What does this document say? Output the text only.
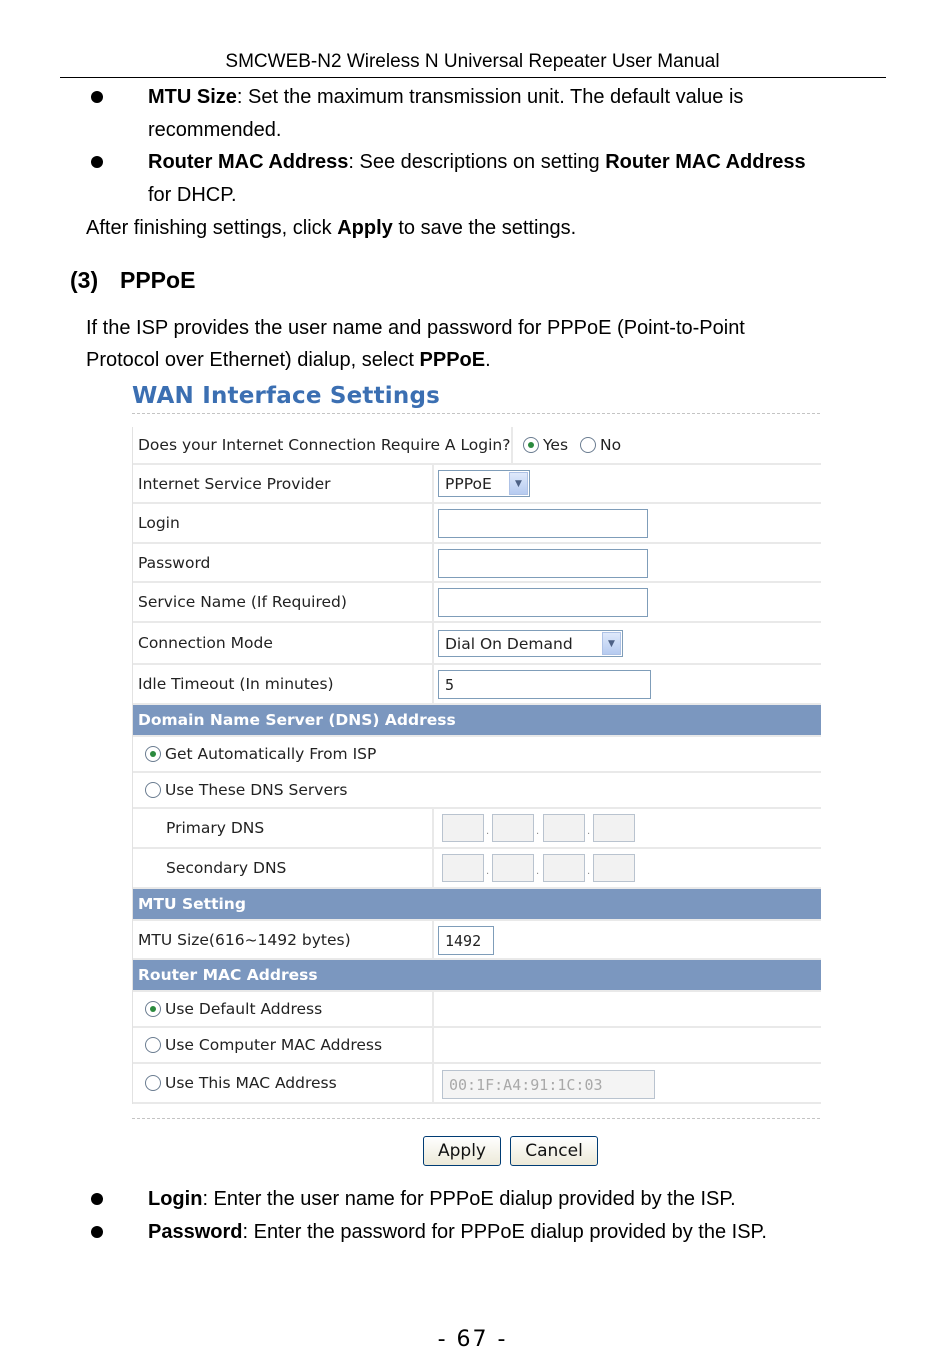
SMCWEB-N2 Wireless N Universal Repeater User Manual
MTU Size: Set the maximum transmission unit. The default value is
recommended.
Router MAC Address: See descriptions on setting Router MAC Address
for DHCP.
After finishing settings, click Apply to save the settings.
(3) PPPoE
If the ISP provides the user name and password for PPPoE (Point-to-Point
Protocol over Ethernet) dialup, select PPPoE.
WAN Interface Settings
Does your Internet Connection Require A Login? Yes No
Internet Service Provider	PPPoE	▼
Login
Password
Service Name (If Required)
Connection Mode	Dial On Demand	▼
Idle Timeout (In minutes)	5
Domain Name Server (DNS) Address
Get Automatically From ISP
Use These DNS Servers
Primary DNS	.	.	.
Secondary DNS	.	.	.
MTU Setting
MTU Size(616~1492 bytes)	1492
Router MAC Address
Use Default Address
Use Computer MAC Address
Use This MAC Address	00:1F:A4:91:1C:03
Apply	Cancel
Login: Enter the user name for PPPoE dialup provided by the ISP.
Password: Enter the password for PPPoE dialup provided by the ISP.
- 67 -
